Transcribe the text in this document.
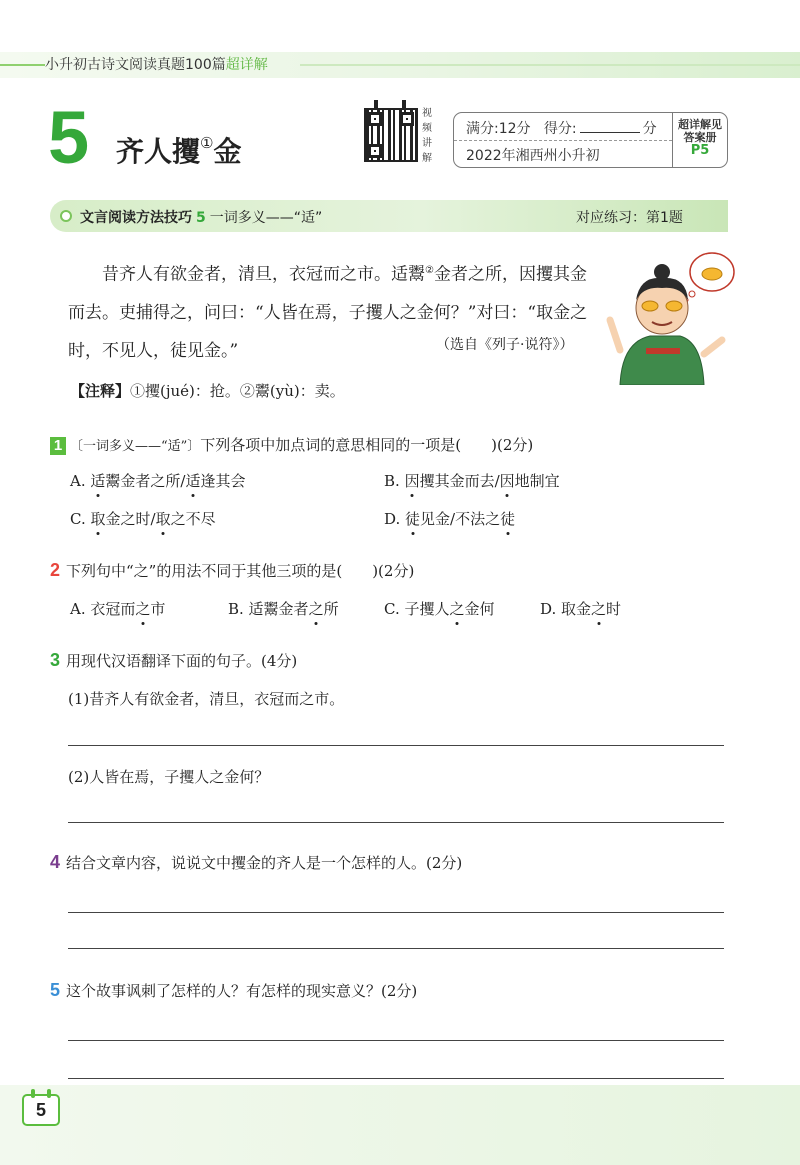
小升初古诗文阅读真题100篇超详解
5 齐人攫①金
视频讲解
满分:12分 得分:	分
2022年湘西州小升初
超详解见
答案册
P5
文言阅读方法技巧 5 一词多义——“适”	对应练习：第1题
昔齐人有欲金者，清旦，衣冠而之市。适鬻②金者之所，因攫其金
而去。吏捕得之，问曰：“人皆在焉，子攫人之金何？”对曰：“取金之
时，不见人，徒见金。”	（选自《列子·说符》）
【注释】①攫(jué)：抢。②鬻(yù)：卖。
1 〔一词多义——“适”〕下列各项中加点词的意思相同的一项是(　　)(2分)
A. 适鬻金者之所/适逢其会	B. 因攫其金而去/因地制宜
C. 取金之时/取之不尽	D. 徒见金/不法之徒
2 下列句中“之”的用法不同于其他三项的是(　　)(2分)
A. 衣冠而之市	B. 适鬻金者之所	C. 子攫人之金何	D. 取金之时
3 用现代汉语翻译下面的句子。(4分)
(1)昔齐人有欲金者，清旦，衣冠而之市。
(2)人皆在焉，子攫人之金何？
4 结合文章内容，说说文中攫金的齐人是一个怎样的人。(2分)
5 这个故事讽刺了怎样的人？有怎样的现实意义？(2分)
5
